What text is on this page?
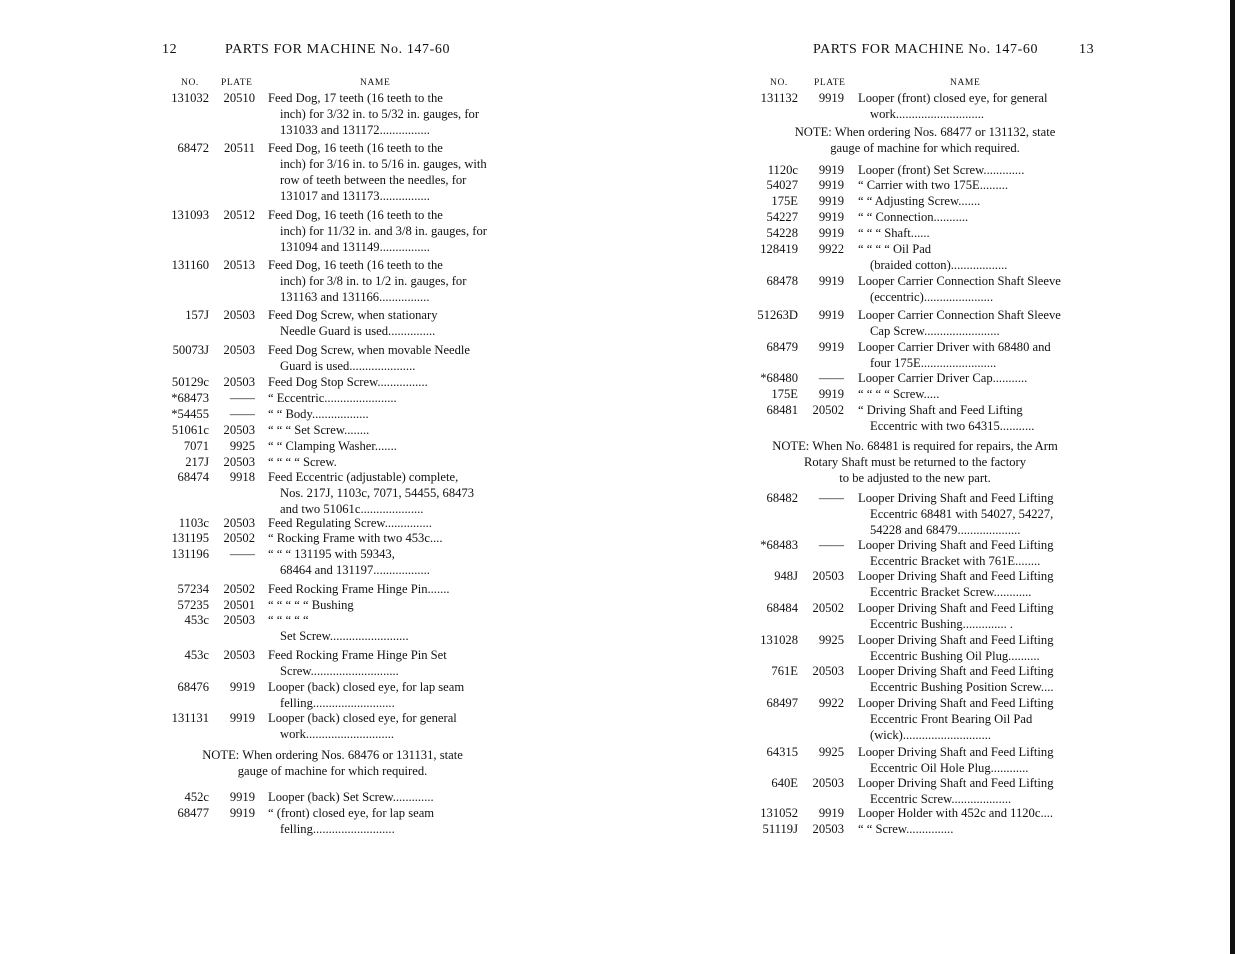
12	PARTS FOR MACHINE No. 147-60
NO. PLATE	NAME
131032 20510 Feed Dog, 17 teeth (16 teeth to the
inch) for 3/32 in. to 5/32 in. gauges, for
131033 and 131172................
68472 20511 Feed Dog, 16 teeth (16 teeth to the
inch) for 3/16 in. to 5/16 in. gauges, with
row of teeth between the needles, for
131017 and 131173................
131093 20512 Feed Dog, 16 teeth (16 teeth to the
inch) for 11/32 in. and 3/8 in. gauges, for
131094 and 131149................
131160 20513 Feed Dog, 16 teeth (16 teeth to the
inch) for 3/8 in. to 1/2 in. gauges, for
131163 and 131166................
157J 20503 Feed Dog Screw, when stationary
Needle Guard is used...............
50073J 20503 Feed Dog Screw, when movable Needle
Guard is used.....................
50129c 20503 Feed Dog Stop Screw................
*68473 —— “ Eccentric.......................
*54455 —— “ “ Body..................
51061c 20503 “ “ “ Set Screw........
7071 9925 “ “ Clamping Washer.......
217J 20503 “ “ “ “ Screw.
68474 9918 Feed Eccentric (adjustable) complete,
Nos. 217J, 1103c, 7071, 54455, 68473
and two 51061c....................
1103c 20503 Feed Regulating Screw...............
131195 20502 “ Rocking Frame with two 453c....
131196 —— “ “ “ 131195 with 59343,
68464 and 131197..................
57234 20502 Feed Rocking Frame Hinge Pin.......
57235 20501 “ “ “ “ “ Bushing
453c 20503 “ “ “ “ “
Set Screw.........................
453c 20503 Feed Rocking Frame Hinge Pin Set
Screw............................
68476 9919 Looper (back) closed eye, for lap seam
felling..........................
131131 9919 Looper (back) closed eye, for general
work............................
452c 9919 Looper (back) Set Screw.............
68477 9919 “ (front) closed eye, for lap seam
felling..........................
NOTE: When ordering Nos. 68476 or 131131, state
gauge of machine for which required.
PARTS FOR MACHINE No. 147-60	13
NO.	PLATE	NAME
131132 9919 Looper (front) closed eye, for general
work............................
1120c 9919 Looper (front) Set Screw.............
54027 9919 “ Carrier with two 175E.........
175E 9919 “ “ Adjusting Screw.......
54227 9919 “ “ Connection...........
54228 9919 “ “ “ Shaft......
128419 9922 “ “ “ “ Oil Pad
(braided cotton)..................
68478 9919 Looper Carrier Connection Shaft Sleeve
(eccentric)......................
51263D 9919 Looper Carrier Connection Shaft Sleeve
Cap Screw........................
68479 9919 Looper Carrier Driver with 68480 and
four 175E........................
*68480 —— Looper Carrier Driver Cap...........
175E 9919 “ “ “ “ Screw.....
68481 20502 “ Driving Shaft and Feed Lifting
Eccentric with two 64315...........
68482 —— Looper Driving Shaft and Feed Lifting
Eccentric 68481 with 54027, 54227,
54228 and 68479....................
*68483 —— Looper Driving Shaft and Feed Lifting
Eccentric Bracket with 761E........
948J 20503 Looper Driving Shaft and Feed Lifting
Eccentric Bracket Screw............
68484 20502 Looper Driving Shaft and Feed Lifting
Eccentric Bushing.............. .
131028 9925 Looper Driving Shaft and Feed Lifting
Eccentric Bushing Oil Plug..........
761E 20503 Looper Driving Shaft and Feed Lifting
Eccentric Bushing Position Screw....
68497 9922 Looper Driving Shaft and Feed Lifting
Eccentric Front Bearing Oil Pad
(wick)............................
64315 9925 Looper Driving Shaft and Feed Lifting
Eccentric Oil Hole Plug............
640E 20503 Looper Driving Shaft and Feed Lifting
Eccentric Screw...................
131052 9919 Looper Holder with 452c and 1120c....
51119J 20503 “ “ Screw...............
NOTE: When ordering Nos. 68477 or 131132, state
gauge of machine for which required.
NOTE: When No. 68481 is required for repairs, the Arm
Rotary Shaft must be returned to the factory
to be adjusted to the new part.
